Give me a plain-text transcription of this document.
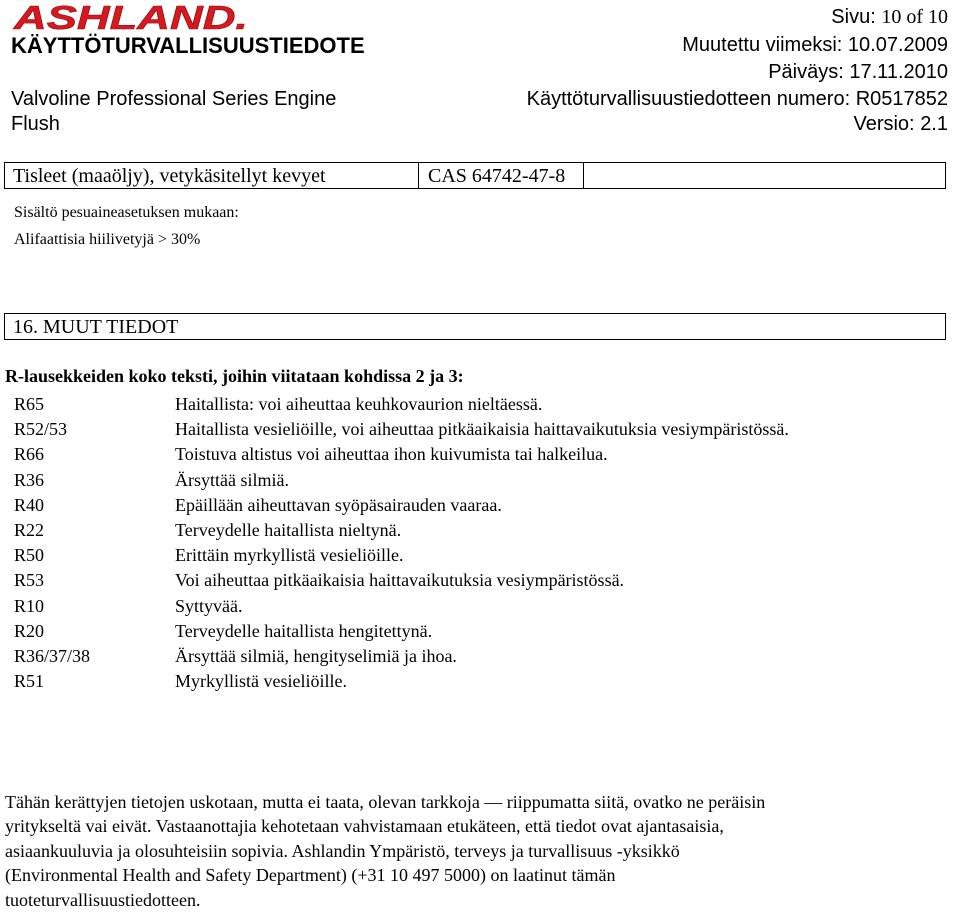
ASHLAND.
KÄYTTÖTURVALLISUUSTIEDOTE
Valvoline Professional Series Engine
Flush
Sivu: 10 of 10
Muutettu viimeksi: 10.07.2009
Päiväys: 17.11.2010
Käyttöturvallisuustiedotteen numero: R0517852
Versio: 2.1
Tisleet (maaöljy), vetykäsitellyt kevyet	CAS 64742-47-8
Sisältö pesuaineasetuksen mukaan:
Alifaattisia hiilivetyjä > 30%
16. MUUT TIEDOT
R-lausekkeiden koko teksti, joihin viitataan kohdissa 2 ja 3:
R65	Haitallista: voi aiheuttaa keuhkovaurion nieltäessä.
R52/53	Haitallista vesieliöille, voi aiheuttaa pitkäaikaisia haittavaikutuksia vesiympäristössä.
R66	Toistuva altistus voi aiheuttaa ihon kuivumista tai halkeilua.
R36	Ärsyttää silmiä.
R40	Epäillään aiheuttavan syöpäsairauden vaaraa.
R22	Terveydelle haitallista nieltynä.
R50	Erittäin myrkyllistä vesieliöille.
R53	Voi aiheuttaa pitkäaikaisia haittavaikutuksia vesiympäristössä.
R10	Syttyvää.
R20	Terveydelle haitallista hengitettynä.
R36/37/38	Ärsyttää silmiä, hengityselimiä ja ihoa.
R51	Myrkyllistä vesieliöille.
Tähän kerättyjen tietojen uskotaan, mutta ei taata, olevan tarkkoja — riippumatta siitä, ovatko ne peräisin
yritykseltä vai eivät. Vastaanottajia kehotetaan vahvistamaan etukäteen, että tiedot ovat ajantasaisia,
asiaankuuluvia ja olosuhteisiin sopivia. Ashlandin Ympäristö, terveys ja turvallisuus -yksikkö
(Environmental Health and Safety Department) (+31 10 497 5000) on laatinut tämän
tuoteturvallisuustiedotteen.
